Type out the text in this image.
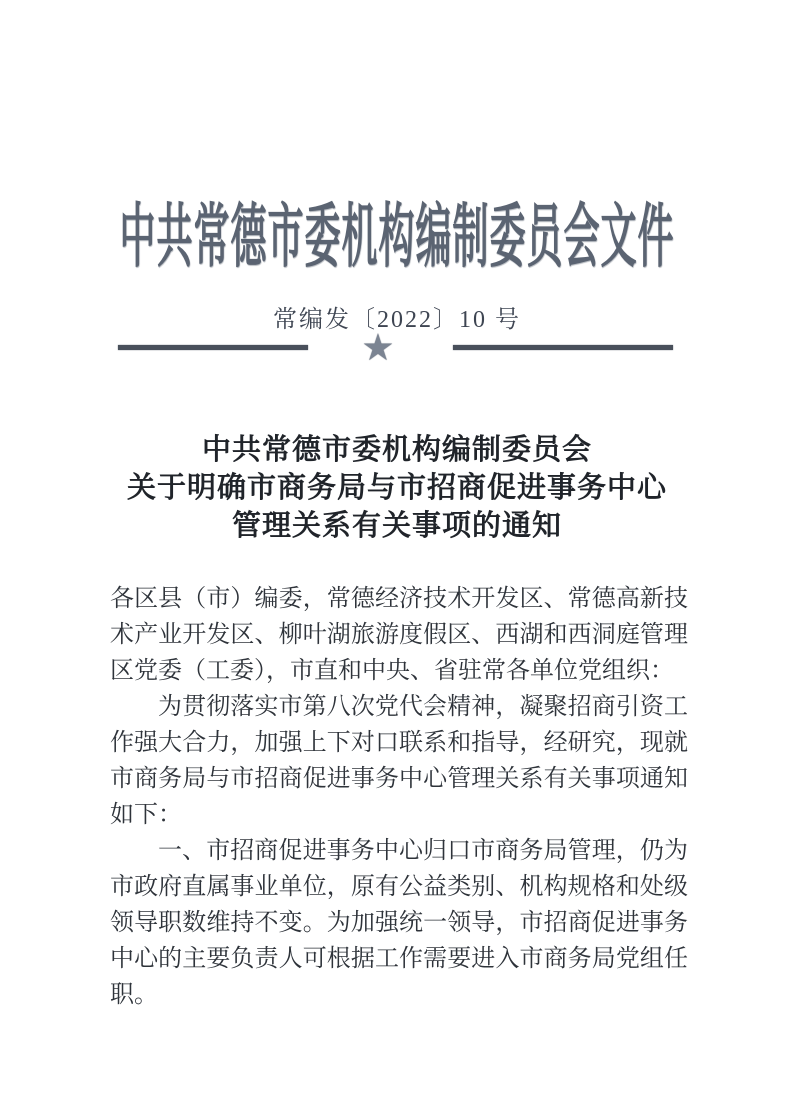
中共常德市委机构编制委员会文件
常编发〔2022〕10 号
★
中共常德市委机构编制委员会
关于明确市商务局与市招商促进事务中心
管理关系有关事项的通知

各区县（市）编委，常德经济技术开发区、常德高新技术产业开发区、柳叶湖旅游度假区、西湖和西洞庭管理区党委（工委），市直和中央、省驻常各单位党组织：

为贯彻落实市第八次党代会精神，凝聚招商引资工作强大合力，加强上下对口联系和指导，经研究，现就市商务局与市招商促进事务中心管理关系有关事项通知如下：

一、市招商促进事务中心归口市商务局管理，仍为市政府直属事业单位，原有公益类别、机构规格和处级领导职数维持不变。为加强统一领导，市招商促进事务中心的主要负责人可根据工作需要进入市商务局党组任职。
